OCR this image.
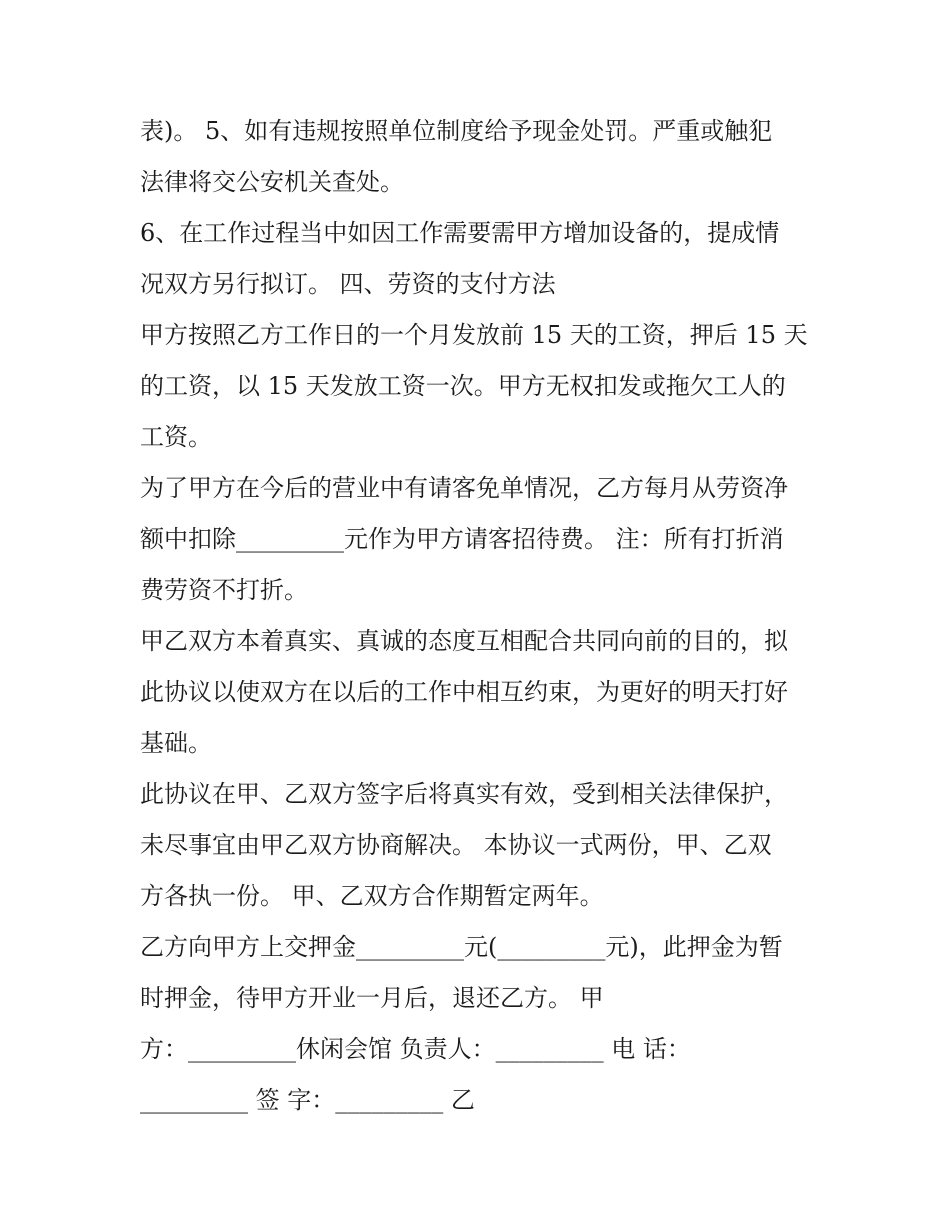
表)。 5、如有违规按照单位制度给予现金处罚。严重或触犯
法律将交公安机关查处。
6、在工作过程当中如因工作需要需甲方增加设备的，提成情
况双方另行拟订。 四、劳资的支付方法
甲方按照乙方工作日的一个月发放前 15 天的工资，押后 15 天
的工资，以 15 天发放工资一次。甲方无权扣发或拖欠工人的
工资。
为了甲方在今后的营业中有请客免单情况，乙方每月从劳资净
额中扣除_________元作为甲方请客招待费。 注：所有打折消
费劳资不打折。
甲乙双方本着真实、真诚的态度互相配合共同向前的目的，拟
此协议以使双方在以后的工作中相互约束，为更好的明天打好
基础。
此协议在甲、乙双方签字后将真实有效，受到相关法律保护，
未尽事宜由甲乙双方协商解决。 本协议一式两份，甲、乙双
方各执一份。 甲、乙双方合作期暂定两年。
乙方向甲方上交押金_________元(_________元)，此押金为暂
时押金，待甲方开业一月后，退还乙方。 甲
方：_________休闲会馆 负责人：_________ 电 话：
_________ 签 字：_________ 乙
